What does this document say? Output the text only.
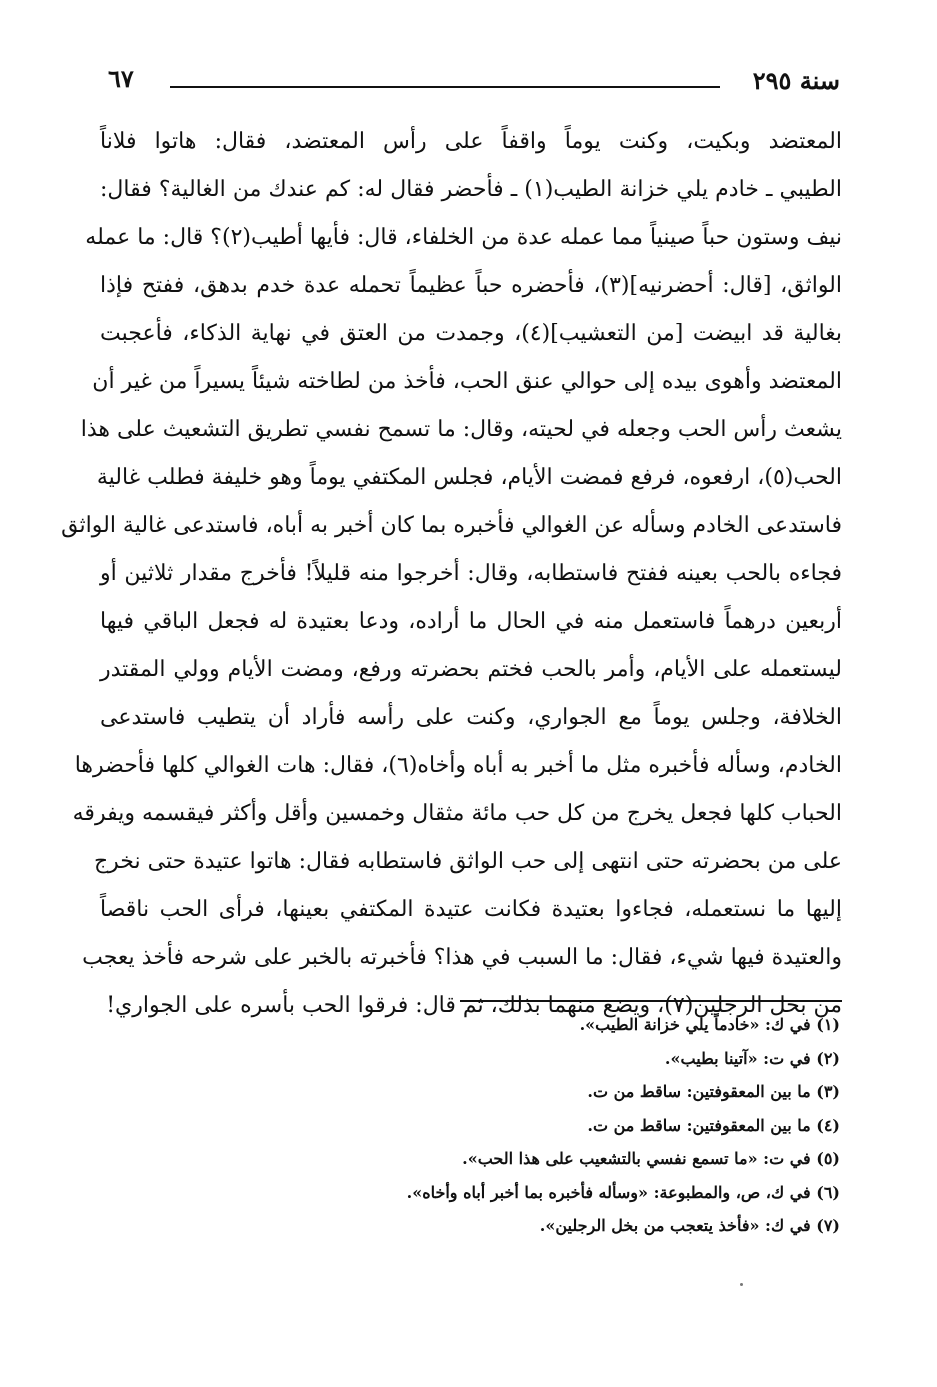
سنة ٢٩٥
٦٧
المعتضد وبكيت، وكنت يوماً واقفاً على رأس المعتضد، فقال: هاتوا فلاناً
الطيبي ـ خادم يلي خزانة الطيب(١) ـ فأحضر فقال له: كم عندك من الغالية؟ فقال:
نيف وستون حباً صينياً مما عمله عدة من الخلفاء، قال: فأيها أطيب(٢)؟ قال: ما عمله
الواثق، [قال: أحضرنيه](٣)، فأحضره حباً عظيماً تحمله عدة خدم بدهق، ففتح فإذا
بغالية قد ابيضت [من التعشيب](٤)، وجمدت من العتق في نهاية الذكاء، فأعجبت
المعتضد وأهوى بيده إلى حوالي عنق الحب، فأخذ من لطاخته شيئاً يسيراً من غير أن
يشعث رأس الحب وجعله في لحيته، وقال: ما تسمح نفسي تطريق التشعيث على هذا
الحب(٥)، ارفعوه، فرفع فمضت الأيام، فجلس المكتفي يوماً وهو خليفة فطلب غالية
فاستدعى الخادم وسأله عن الغوالي فأخبره بما كان أخبر به أباه، فاستدعى غالية الواثق
فجاءه بالحب بعينه ففتح فاستطابه، وقال: أخرجوا منه قليلاً! فأخرج مقدار ثلاثين أو
أربعين درهماً فاستعمل منه في الحال ما أراده، ودعا بعتيدة له فجعل الباقي فيها
ليستعمله على الأيام، وأمر بالحب فختم بحضرته ورفع، ومضت الأيام وولي المقتدر
الخلافة، وجلس يوماً مع الجواري، وكنت على رأسه فأراد أن يتطيب فاستدعى
الخادم، وسأله فأخبره مثل ما أخبر به أباه وأخاه(٦)، فقال: هات الغوالي كلها فأحضرها
الحباب كلها فجعل يخرج من كل حب مائة مثقال وخمسين وأقل وأكثر فيقسمه ويفرقه
على من بحضرته حتى انتهى إلى حب الواثق فاستطابه فقال: هاتوا عتيدة حتى نخرج
إليها ما نستعمله، فجاءوا بعتيدة فكانت عتيدة المكتفي بعينها، فرأى الحب ناقصاً
والعتيدة فيها شيء، فقال: ما السبب في هذا؟ فأخبرته بالخبر على شرحه فأخذ يعجب
من بخل الرجلين(٧)، ويضع منهما بذلك، ثم قال: فرقوا الحب بأسره على الجواري!
(١) في ك: «خادماً يلي خزانة الطيب».
(٢) في ت: «آتينا بطيب».
(٣) ما بين المعقوفتين: ساقط من ت.
(٤) ما بين المعقوفتين: ساقط من ت.
(٥) في ت: «ما تسمع نفسي بالتشعيب على هذا الحب».
(٦) في ك، ص، والمطبوعة: «وسأله فأخبره بما أخبر أباه وأخاه».
(٧) في ك: «فأخذ يتعجب من بخل الرجلين».
